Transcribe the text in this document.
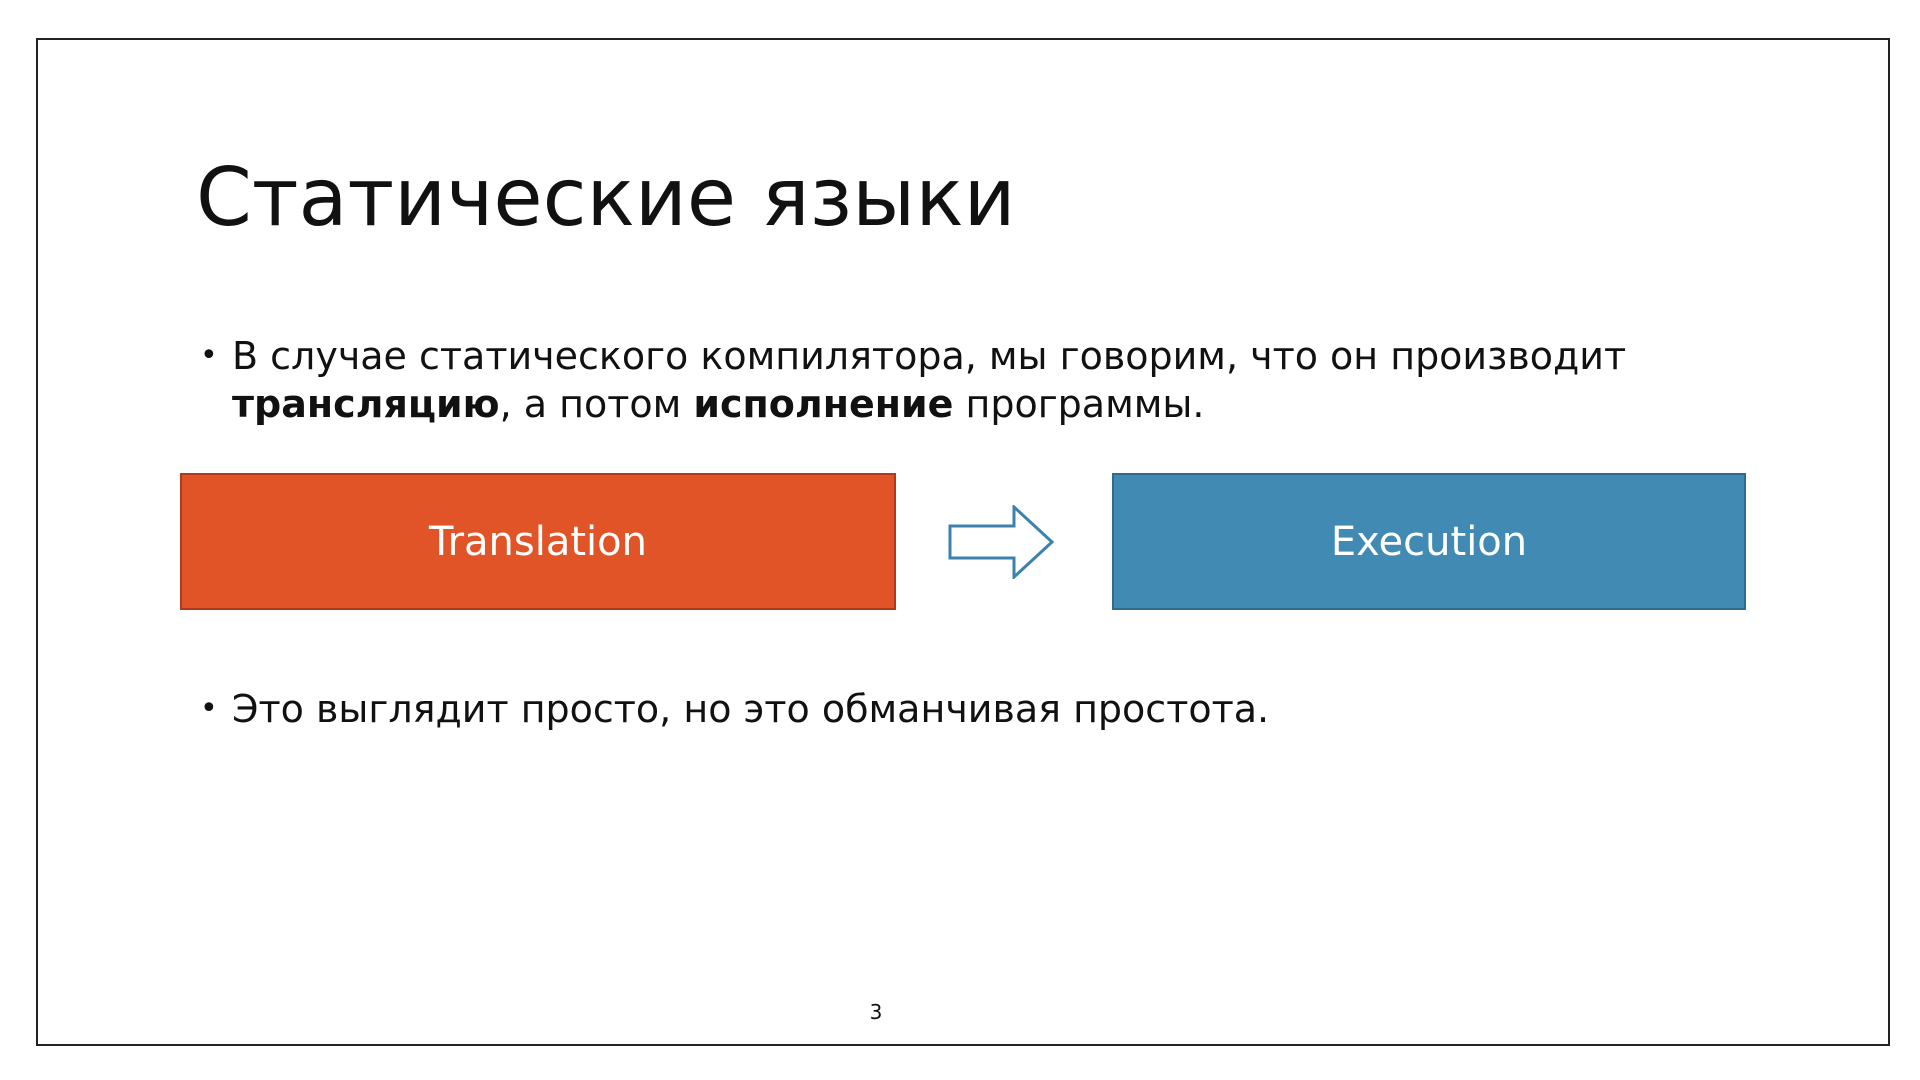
Статические языки
• В случае статического компилятора, мы говорим, что он производит трансляцию, а потом исполнение программы.
Translation	Execution
• Это выглядит просто, но это обманчивая простота.
3
